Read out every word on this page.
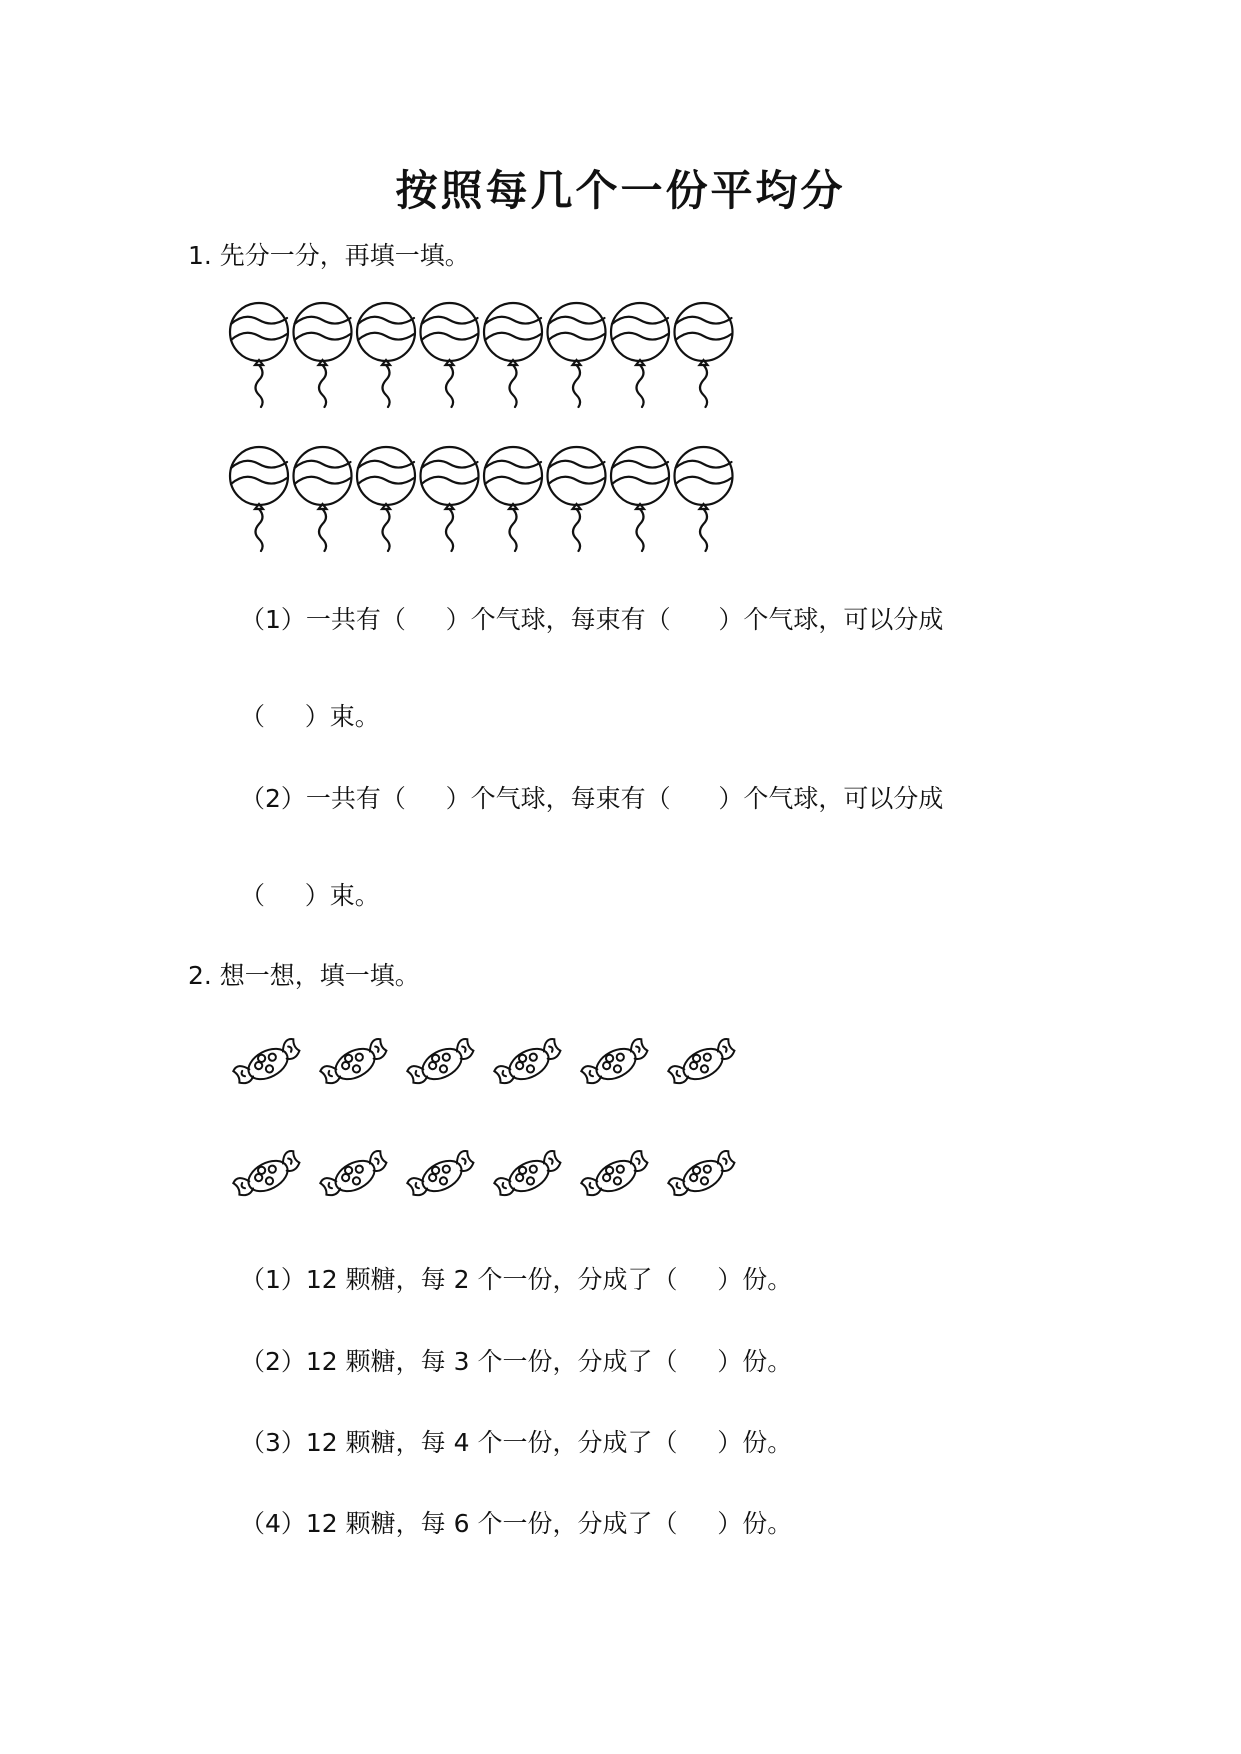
按照每几个一份平均分
1. 先分一分，再填一填。
（1）一共有（     ）个气球，每束有（      ）个气球，可以分成
（     ）束。
（2）一共有（     ）个气球，每束有（      ）个气球，可以分成
（     ）束。
2. 想一想，填一填。
（1）12 颗糖，每 2 个一份，分成了（     ）份。
（2）12 颗糖，每 3 个一份，分成了（     ）份。
（3）12 颗糖，每 4 个一份，分成了（     ）份。
（4）12 颗糖，每 6 个一份，分成了（     ）份。
